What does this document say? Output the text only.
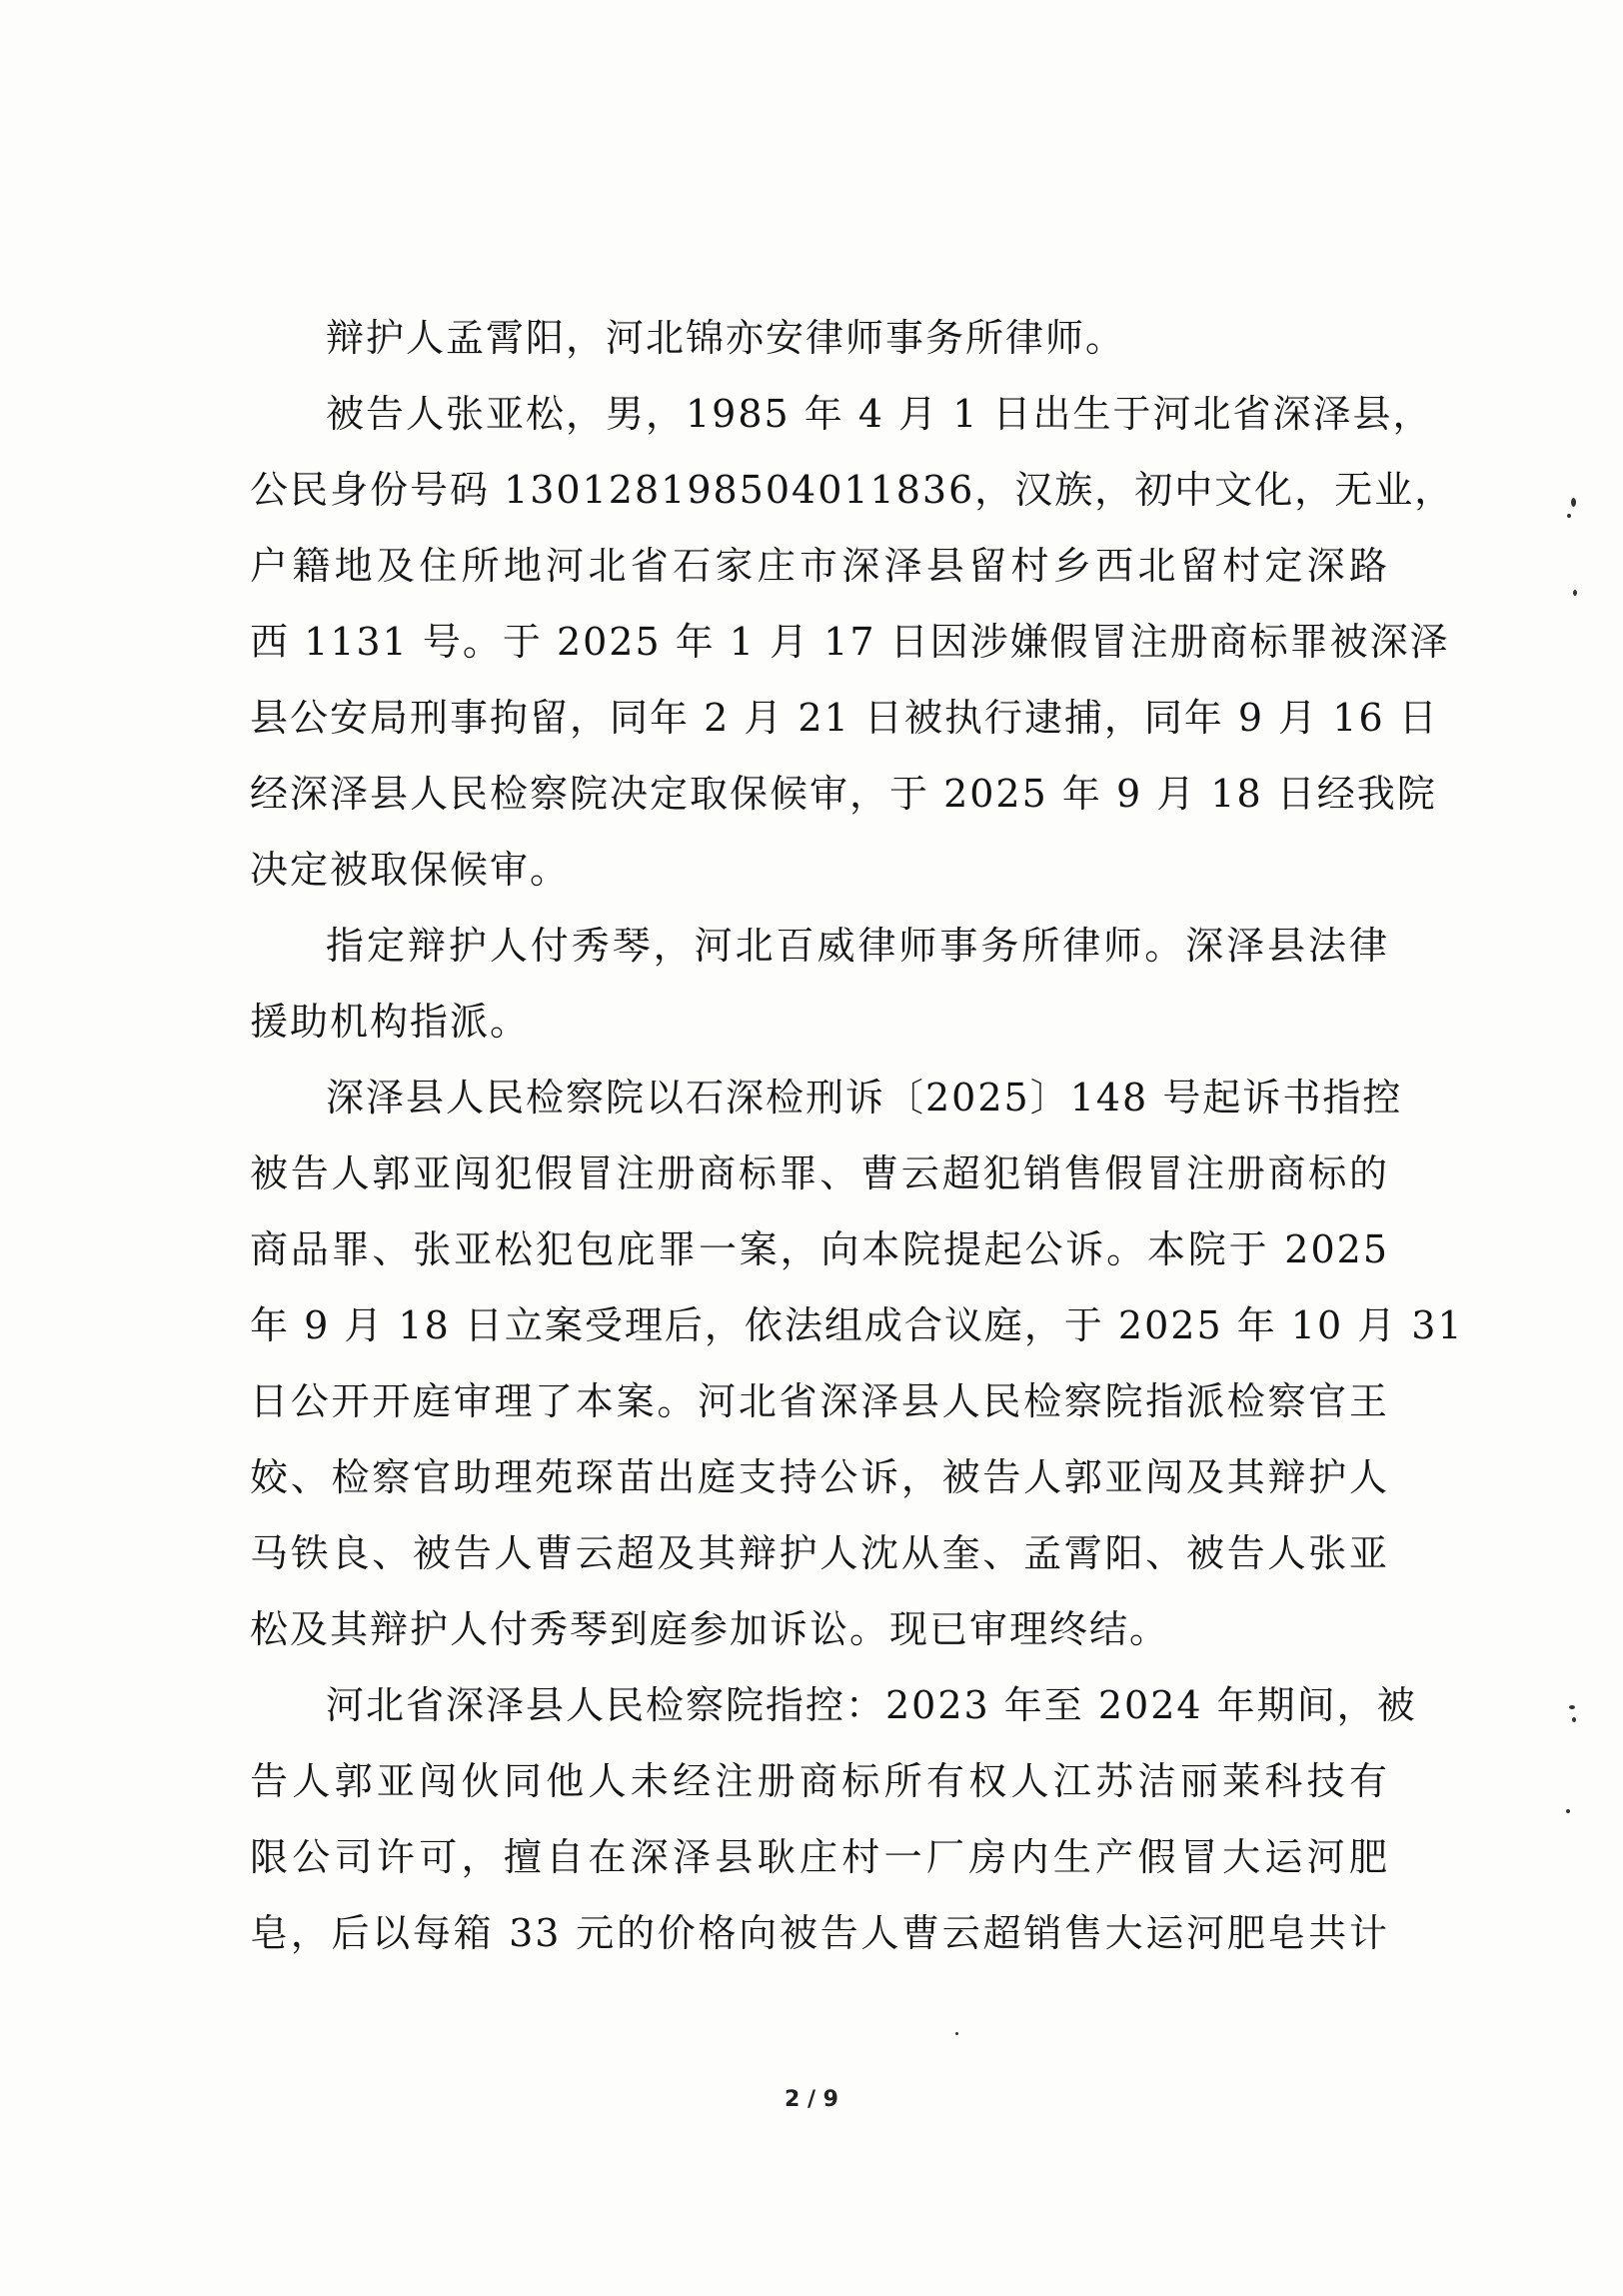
辩护人孟霄阳，河北锦亦安律师事务所律师。

被告人张亚松，男，1985 年 4 月 1 日出生于河北省深泽县，
公民身份号码 130128198504011836，汉族，初中文化，无业，
户籍地及住所地河北省石家庄市深泽县留村乡西北留村定深路
西 1131 号。于 2025 年 1 月 17 日因涉嫌假冒注册商标罪被深泽
县公安局刑事拘留，同年 2 月 21 日被执行逮捕，同年 9 月 16 日
经深泽县人民检察院决定取保候审，于 2025 年 9 月 18 日经我院
决定被取保候审。

指定辩护人付秀琴，河北百威律师事务所律师。深泽县法律
援助机构指派。

深泽县人民检察院以石深检刑诉〔2025〕148 号起诉书指控
被告人郭亚闯犯假冒注册商标罪、曹云超犯销售假冒注册商标的
商品罪、张亚松犯包庇罪一案，向本院提起公诉。本院于 2025
年 9 月 18 日立案受理后，依法组成合议庭，于 2025 年 10 月 31
日公开开庭审理了本案。河北省深泽县人民检察院指派检察官王
姣、检察官助理苑琛苗出庭支持公诉，被告人郭亚闯及其辩护人
马铁良、被告人曹云超及其辩护人沈从奎、孟霄阳、被告人张亚
松及其辩护人付秀琴到庭参加诉讼。现已审理终结。

河北省深泽县人民检察院指控：2023 年至 2024 年期间，被
告人郭亚闯伙同他人未经注册商标所有权人江苏洁丽莱科技有
限公司许可，擅自在深泽县耿庄村一厂房内生产假冒大运河肥
皂，后以每箱 33 元的价格向被告人曹云超销售大运河肥皂共计

2 / 9
